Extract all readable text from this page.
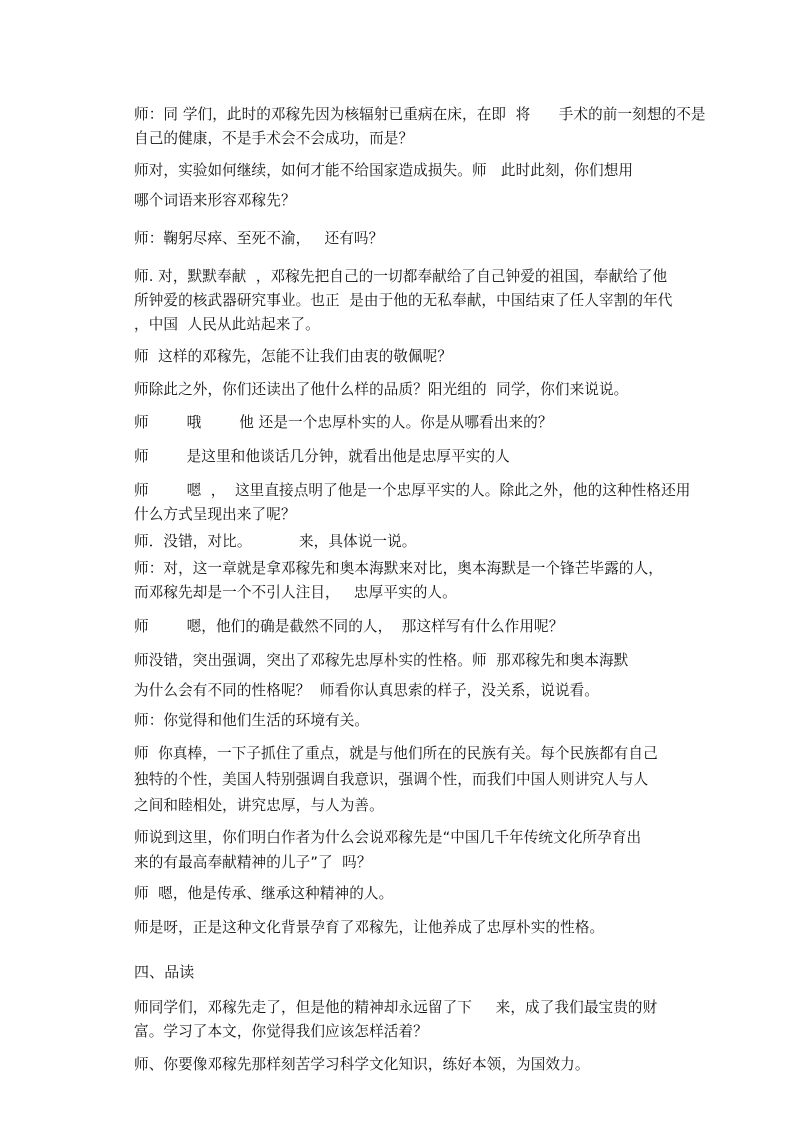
师：同 学们，此时的邓稼先因为核辐射已重病在床，在即  将      手术的前一刻想的不是

自己的健康，不是手术会不会成功，而是？

师对，实验如何继续，如何才能不给国家造成损失。师   此时此刻，你们想用

哪个词语来形容邓稼先？

师：鞠躬尽瘁、至死不渝，   还有吗？

师. 对，默默奉献  ，邓稼先把自己的一切都奉献给了自己钟爱的祖国，奉献给了他

所钟爱的核武器研究事业。也正  是由于他的无私奉献，中国结束了任人宰割的年代

，中国  人民从此站起来了。

师  这样的邓稼先，怎能不让我们由衷的敬佩呢？

师除此之外，你们还读出了他什么样的品质？阳光组的  同学，你们来说说。

师        哦        他 还是一个忠厚朴实的人。你是从哪看出来的？

师        是这里和他谈话几分钟，就看出他是忠厚平实的人

师        嗯  ，  这里直接点明了他是一个忠厚平实的人。除此之外，他的这种性格还用

什么方式呈现出来了呢？

师．没错，对比。          来，具体说一说。

师：对，这一章就是拿邓稼先和奥本海默来对比，奥本海默是一个锋芒毕露的人，

而邓稼先却是一个不引人注目，   忠厚平实的人。

师        嗯，他们的确是截然不同的人，  那这样写有什么作用呢？

师没错，突出强调，突出了邓稼先忠厚朴实的性格。师  那邓稼先和奥本海默

为什么会有不同的性格呢？  师看你认真思索的样子，没关系，说说看。

师：你觉得和他们生活的环境有关。

师  你真棒，一下子抓住了重点，就是与他们所在的民族有关。每个民族都有自己

独特的个性，美国人特别强调自我意识，强调个性，而我们中国人则讲究人与人

之间和睦相处，讲究忠厚，与人为善。

师说到这里，你们明白作者为什么会说邓稼先是“中国几千年传统文化所孕育出

来的有最高奉献精神的儿子”了  吗？

师  嗯，他是传承、继承这种精神的人。

师是呀，正是这种文化背景孕育了邓稼先，让他养成了忠厚朴实的性格。

四、品读

师同学们，邓稼先走了，但是他的精神却永远留了下     来，成了我们最宝贵的财

富。学习了本文，你觉得我们应该怎样活着？

师、你要像邓稼先那样刻苦学习科学文化知识，练好本领，为国效力。
